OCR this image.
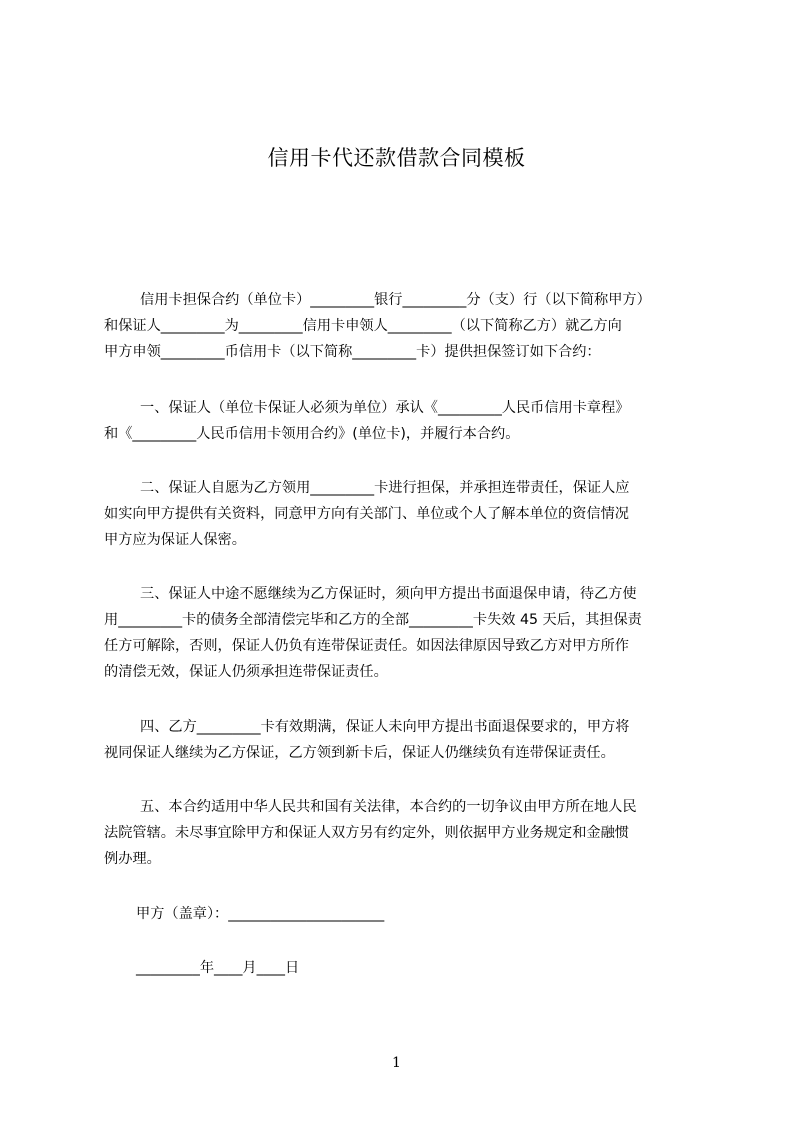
信用卡代还款借款合同模板
信用卡担保合约（单位卡）_________银行_________分（支）行（以下简称甲方）
和保证人_________为_________信用卡申领人_________（以下简称乙方）就乙方向
甲方申领_________币信用卡（以下简称_________卡）提供担保签订如下合约：
一、保证人（单位卡保证人必须为单位）承认《_________人民币信用卡章程》
和《_________人民币信用卡领用合约》(单位卡)，并履行本合约。
二、保证人自愿为乙方领用_________卡进行担保，并承担连带责任，保证人应
如实向甲方提供有关资料，同意甲方向有关部门、单位或个人了解本单位的资信情况
甲方应为保证人保密。
三、保证人中途不愿继续为乙方保证时，须向甲方提出书面退保申请，待乙方使
用_________卡的债务全部清偿完毕和乙方的全部_________卡失效 45 天后，其担保责
任方可解除，否则，保证人仍负有连带保证责任。如因法律原因导致乙方对甲方所作
的清偿无效，保证人仍须承担连带保证责任。
四、乙方_________卡有效期满，保证人未向甲方提出书面退保要求的，甲方将
视同保证人继续为乙方保证，乙方领到新卡后，保证人仍继续负有连带保证责任。
五、本合约适用中华人民共和国有关法律，本合约的一切争议由甲方所在地人民
法院管辖。未尽事宜除甲方和保证人双方另有约定外，则依据甲方业务规定和金融惯
例办理。
甲方（盖章）：______________________
_________年____月____日
1
